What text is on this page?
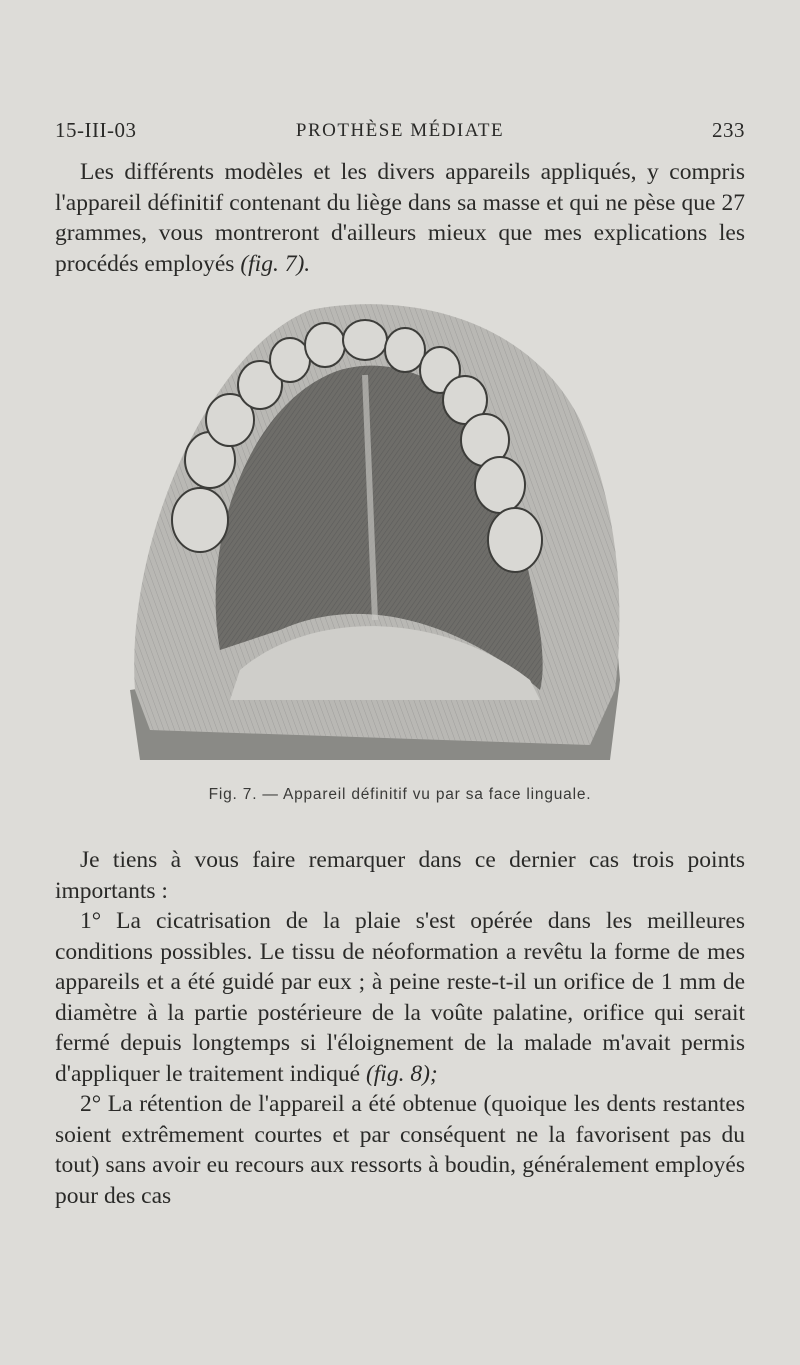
15-III-03	PROTHÈSE MÉDIATE	233

Les différents modèles et les divers appareils appliqués, y compris l'appareil définitif contenant du liège dans sa masse et qui ne pèse que 27 grammes, vous montreront d'ailleurs mieux que mes explications les procédés employés (fig. 7).

Fig. 7. — Appareil définitif vu par sa face linguale.

Je tiens à vous faire remarquer dans ce dernier cas trois points importants :

1° La cicatrisation de la plaie s'est opérée dans les meilleures conditions possibles. Le tissu de néoformation a revêtu la forme de mes appareils et a été guidé par eux ; à peine reste-t-il un orifice de 1 mm de diamètre à la partie postérieure de la voûte palatine, orifice qui serait fermé depuis longtemps si l'éloignement de la malade m'avait permis d'appliquer le traitement indiqué (fig. 8);

2° La rétention de l'appareil a été obtenue (quoique les dents restantes soient extrêmement courtes et par conséquent ne la favorisent pas du tout) sans avoir eu recours aux ressorts à boudin, généralement employés pour des cas
